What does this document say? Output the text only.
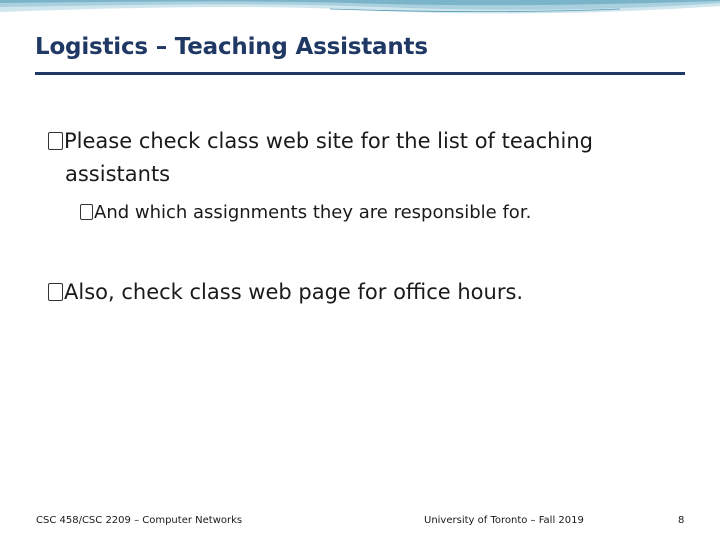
Logistics – Teaching Assistants
Please check class web site for the list of teaching
assistants
And which assignments they are responsible for.
Also, check class web page for office hours.
CSC 458/CSC 2209 – Computer Networks	University of Toronto – Fall 2019	8
